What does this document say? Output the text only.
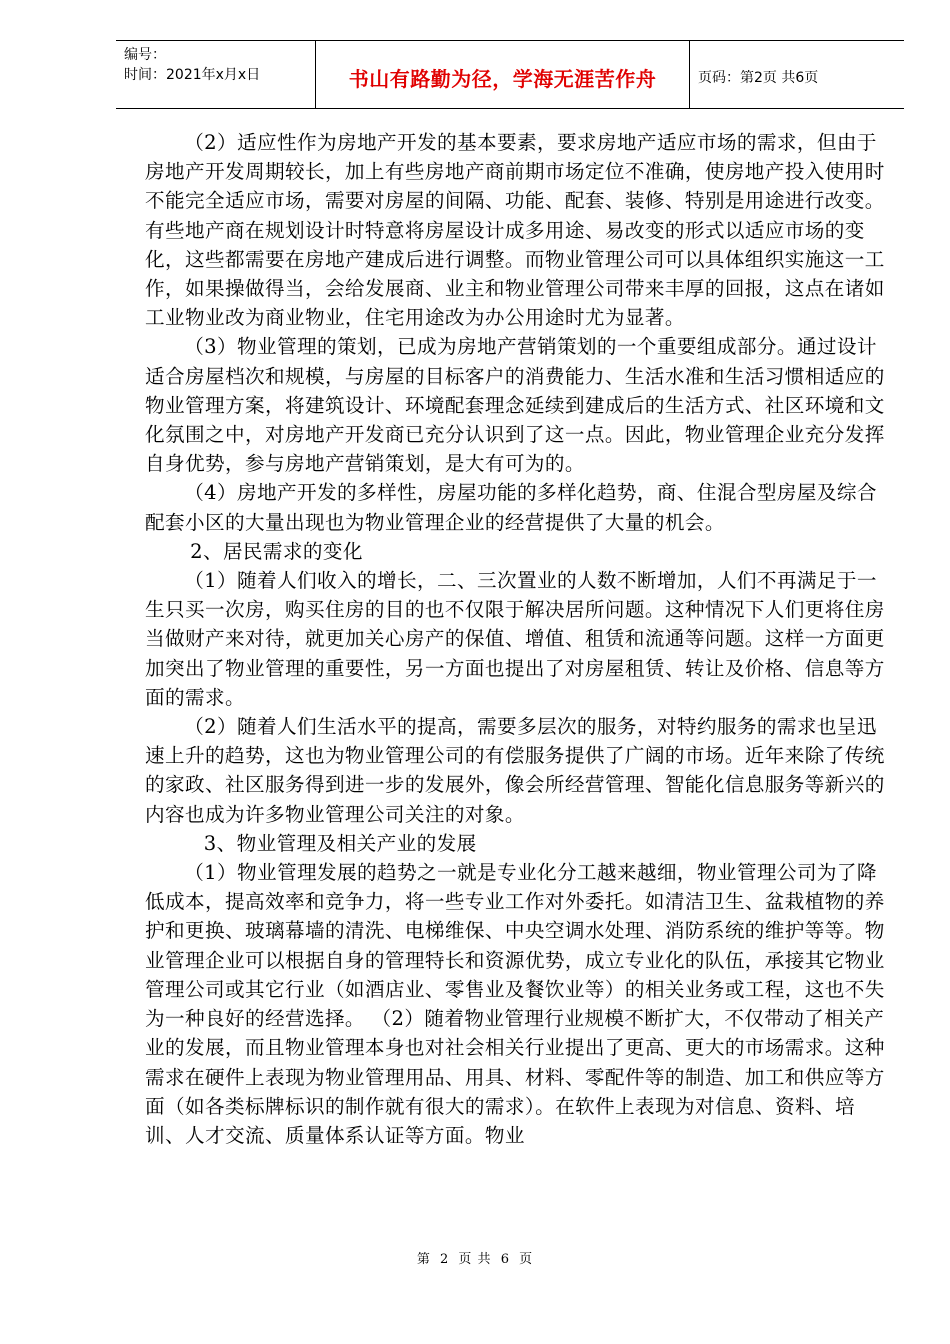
编号：
时间：2021年x月x日	书山有路勤为径，学海无涯苦作舟	页码：第2页 共6页

（2）适应性作为房地产开发的基本要素，要求房地产适应市场的需求，但由于房地产开发周期较长，加上有些房地产商前期市场定位不准确，使房地产投入使用时不能完全适应市场，需要对房屋的间隔、功能、配套、装修、特别是用途进行改变。有些地产商在规划设计时特意将房屋设计成多用途、易改变的形式以适应市场的变化，这些都需要在房地产建成后进行调整。而物业管理公司可以具体组织实施这一工作，如果操做得当，会给发展商、业主和物业管理公司带来丰厚的回报，这点在诸如工业物业改为商业物业，住宅用途改为办公用途时尤为显著。

（3）物业管理的策划，已成为房地产营销策划的一个重要组成部分。通过设计适合房屋档次和规模，与房屋的目标客户的消费能力、生活水准和生活习惯相适应的物业管理方案，将建筑设计、环境配套理念延续到建成后的生活方式、社区环境和文化氛围之中，对房地产开发商已充分认识到了这一点。因此，物业管理企业充分发挥自身优势，参与房地产营销策划，是大有可为的。

（4）房地产开发的多样性，房屋功能的多样化趋势，商、住混合型房屋及综合配套小区的大量出现也为物业管理企业的经营提供了大量的机会。

2、居民需求的变化

（1）随着人们收入的增长，二、三次置业的人数不断增加，人们不再满足于一生只买一次房，购买住房的目的也不仅限于解决居所问题。这种情况下人们更将住房当做财产来对待，就更加关心房产的保值、增值、租赁和流通等问题。这样一方面更加突出了物业管理的重要性，另一方面也提出了对房屋租赁、转让及价格、信息等方面的需求。

（2）随着人们生活水平的提高，需要多层次的服务，对特约服务的需求也呈迅速上升的趋势，这也为物业管理公司的有偿服务提供了广阔的市场。近年来除了传统的家政、社区服务得到进一步的发展外，像会所经营管理、智能化信息服务等新兴的内容也成为许多物业管理公司关注的对象。

3、物业管理及相关产业的发展

（1）物业管理发展的趋势之一就是专业化分工越来越细，物业管理公司为了降低成本，提高效率和竞争力，将一些专业工作对外委托。如清洁卫生、盆栽植物的养护和更换、玻璃幕墙的清洗、电梯维保、中央空调水处理、消防系统的维护等等。物业管理企业可以根据自身的管理特长和资源优势，成立专业化的队伍，承接其它物业管理公司或其它行业（如酒店业、零售业及餐饮业等）的相关业务或工程，这也不失为一种良好的经营选择。 （2）随着物业管理行业规模不断扩大，不仅带动了相关产业的发展，而且物业管理本身也对社会相关行业提出了更高、更大的市场需求。这种需求在硬件上表现为物业管理用品、用具、材料、零配件等的制造、加工和供应等方面（如各类标牌标识的制作就有很大的需求）。在软件上表现为对信息、资料、培训、人才交流、质量体系认证等方面。物业

第 2 页 共 6 页
